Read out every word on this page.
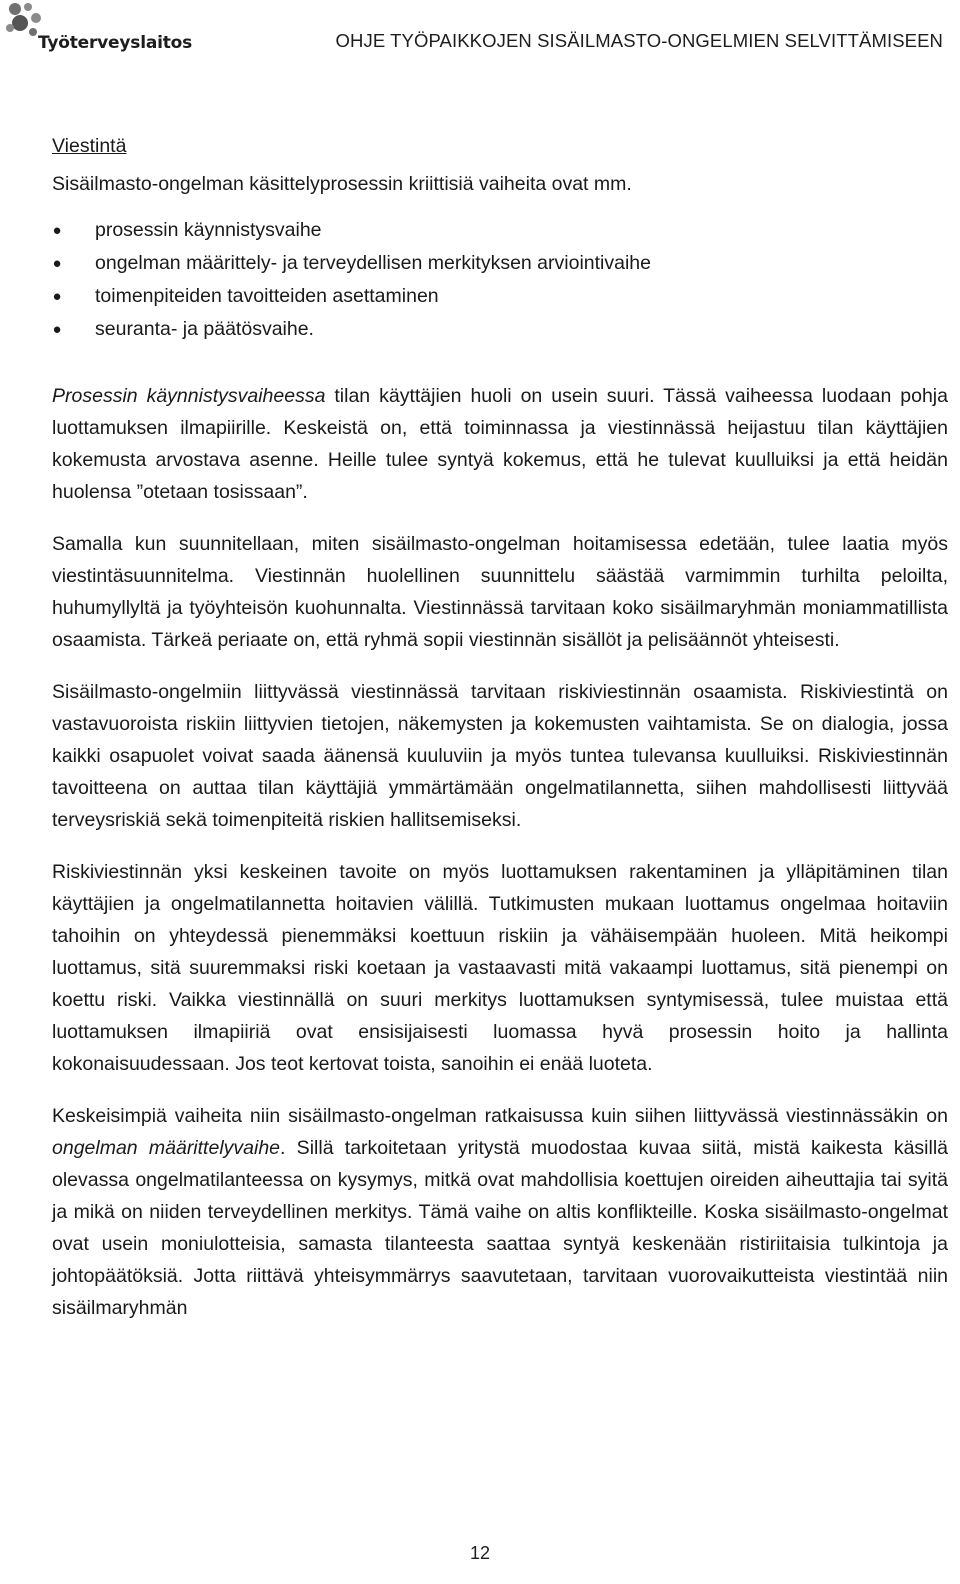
Työterveyslaitos	OHJE TYÖPAIKKOJEN SISÄILMASTO-ONGELMIEN SELVITTÄMISEEN
Viestintä

Sisäilmasto-ongelman käsittelyprosessin kriittisiä vaiheita ovat mm.

● prosessin käynnistysvaihe
● ongelman määrittely- ja terveydellisen merkityksen arviointivaihe
● toimenpiteiden tavoitteiden asettaminen
● seuranta- ja päätösvaihe.

Prosessin käynnistysvaiheessa tilan käyttäjien huoli on usein suuri. Tässä vaiheessa luodaan pohja luottamuksen ilmapiirille. Keskeistä on, että toiminnassa ja viestinnässä heijastuu tilan käyttäjien kokemusta arvostava asenne. Heille tulee syntyä kokemus, että he tulevat kuulluiksi ja että heidän huolensa ”otetaan tosissaan”.

Samalla kun suunnitellaan, miten sisäilmasto-ongelman hoitamisessa edetään, tulee laatia myös viestintäsuunnitelma. Viestinnän huolellinen suunnittelu säästää varmimmin turhilta peloilta, huhumyllyltä ja työyhteisön kuohunnalta. Viestinnässä tarvitaan koko sisäilmaryhmän moniammatillista osaamista. Tärkeä periaate on, että ryhmä sopii viestinnän sisällöt ja pelisäännöt yhteisesti.

Sisäilmasto-ongelmiin liittyvässä viestinnässä tarvitaan riskiviestinnän osaamista. Riskiviestintä on vastavuoroista riskiin liittyvien tietojen, näkemysten ja kokemusten vaihtamista. Se on dialogia, jossa kaikki osapuolet voivat saada äänensä kuuluviin ja myös tuntea tulevansa kuulluiksi. Riskiviestinnän tavoitteena on auttaa tilan käyttäjiä ymmärtämään ongelmatilannetta, siihen mahdollisesti liittyvää terveysriskiä sekä toimenpiteitä riskien hallitsemiseksi.

Riskiviestinnän yksi keskeinen tavoite on myös luottamuksen rakentaminen ja ylläpitäminen tilan käyttäjien ja ongelmatilannetta hoitavien välillä. Tutkimusten mukaan luottamus ongelmaa hoitaviin tahoihin on yhteydessä pienemmäksi koettuun riskiin ja vähäisempään huoleen. Mitä heikompi luottamus, sitä suuremmaksi riski koetaan ja vastaavasti mitä vakaampi luottamus, sitä pienempi on koettu riski. Vaikka viestinnällä on suuri merkitys luottamuksen syntymisessä, tulee muistaa että luottamuksen ilmapiiriä ovat ensisijaisesti luomassa hyvä prosessin hoito ja hallinta kokonaisuudessaan. Jos teot kertovat toista, sanoihin ei enää luoteta.

Keskeisimpiä vaiheita niin sisäilmasto-ongelman ratkaisussa kuin siihen liittyvässä viestinnässäkin on ongelman määrittelyvaihe. Sillä tarkoitetaan yritystä muodostaa kuvaa siitä, mistä kaikesta käsillä olevassa ongelmatilanteessa on kysymys, mitkä ovat mahdollisia koettujen oireiden aiheuttajia tai syitä ja mikä on niiden terveydellinen merkitys. Tämä vaihe on altis konflikteille. Koska sisäilmasto-ongelmat ovat usein moniulotteisia, samasta tilanteesta saattaa syntyä keskenään ristiriitaisia tulkintoja ja johtopäätöksiä. Jotta riittävä yhteisymmärrys saavutetaan, tarvitaan vuorovaikutteista viestintää niin sisäilmaryhmän

12
